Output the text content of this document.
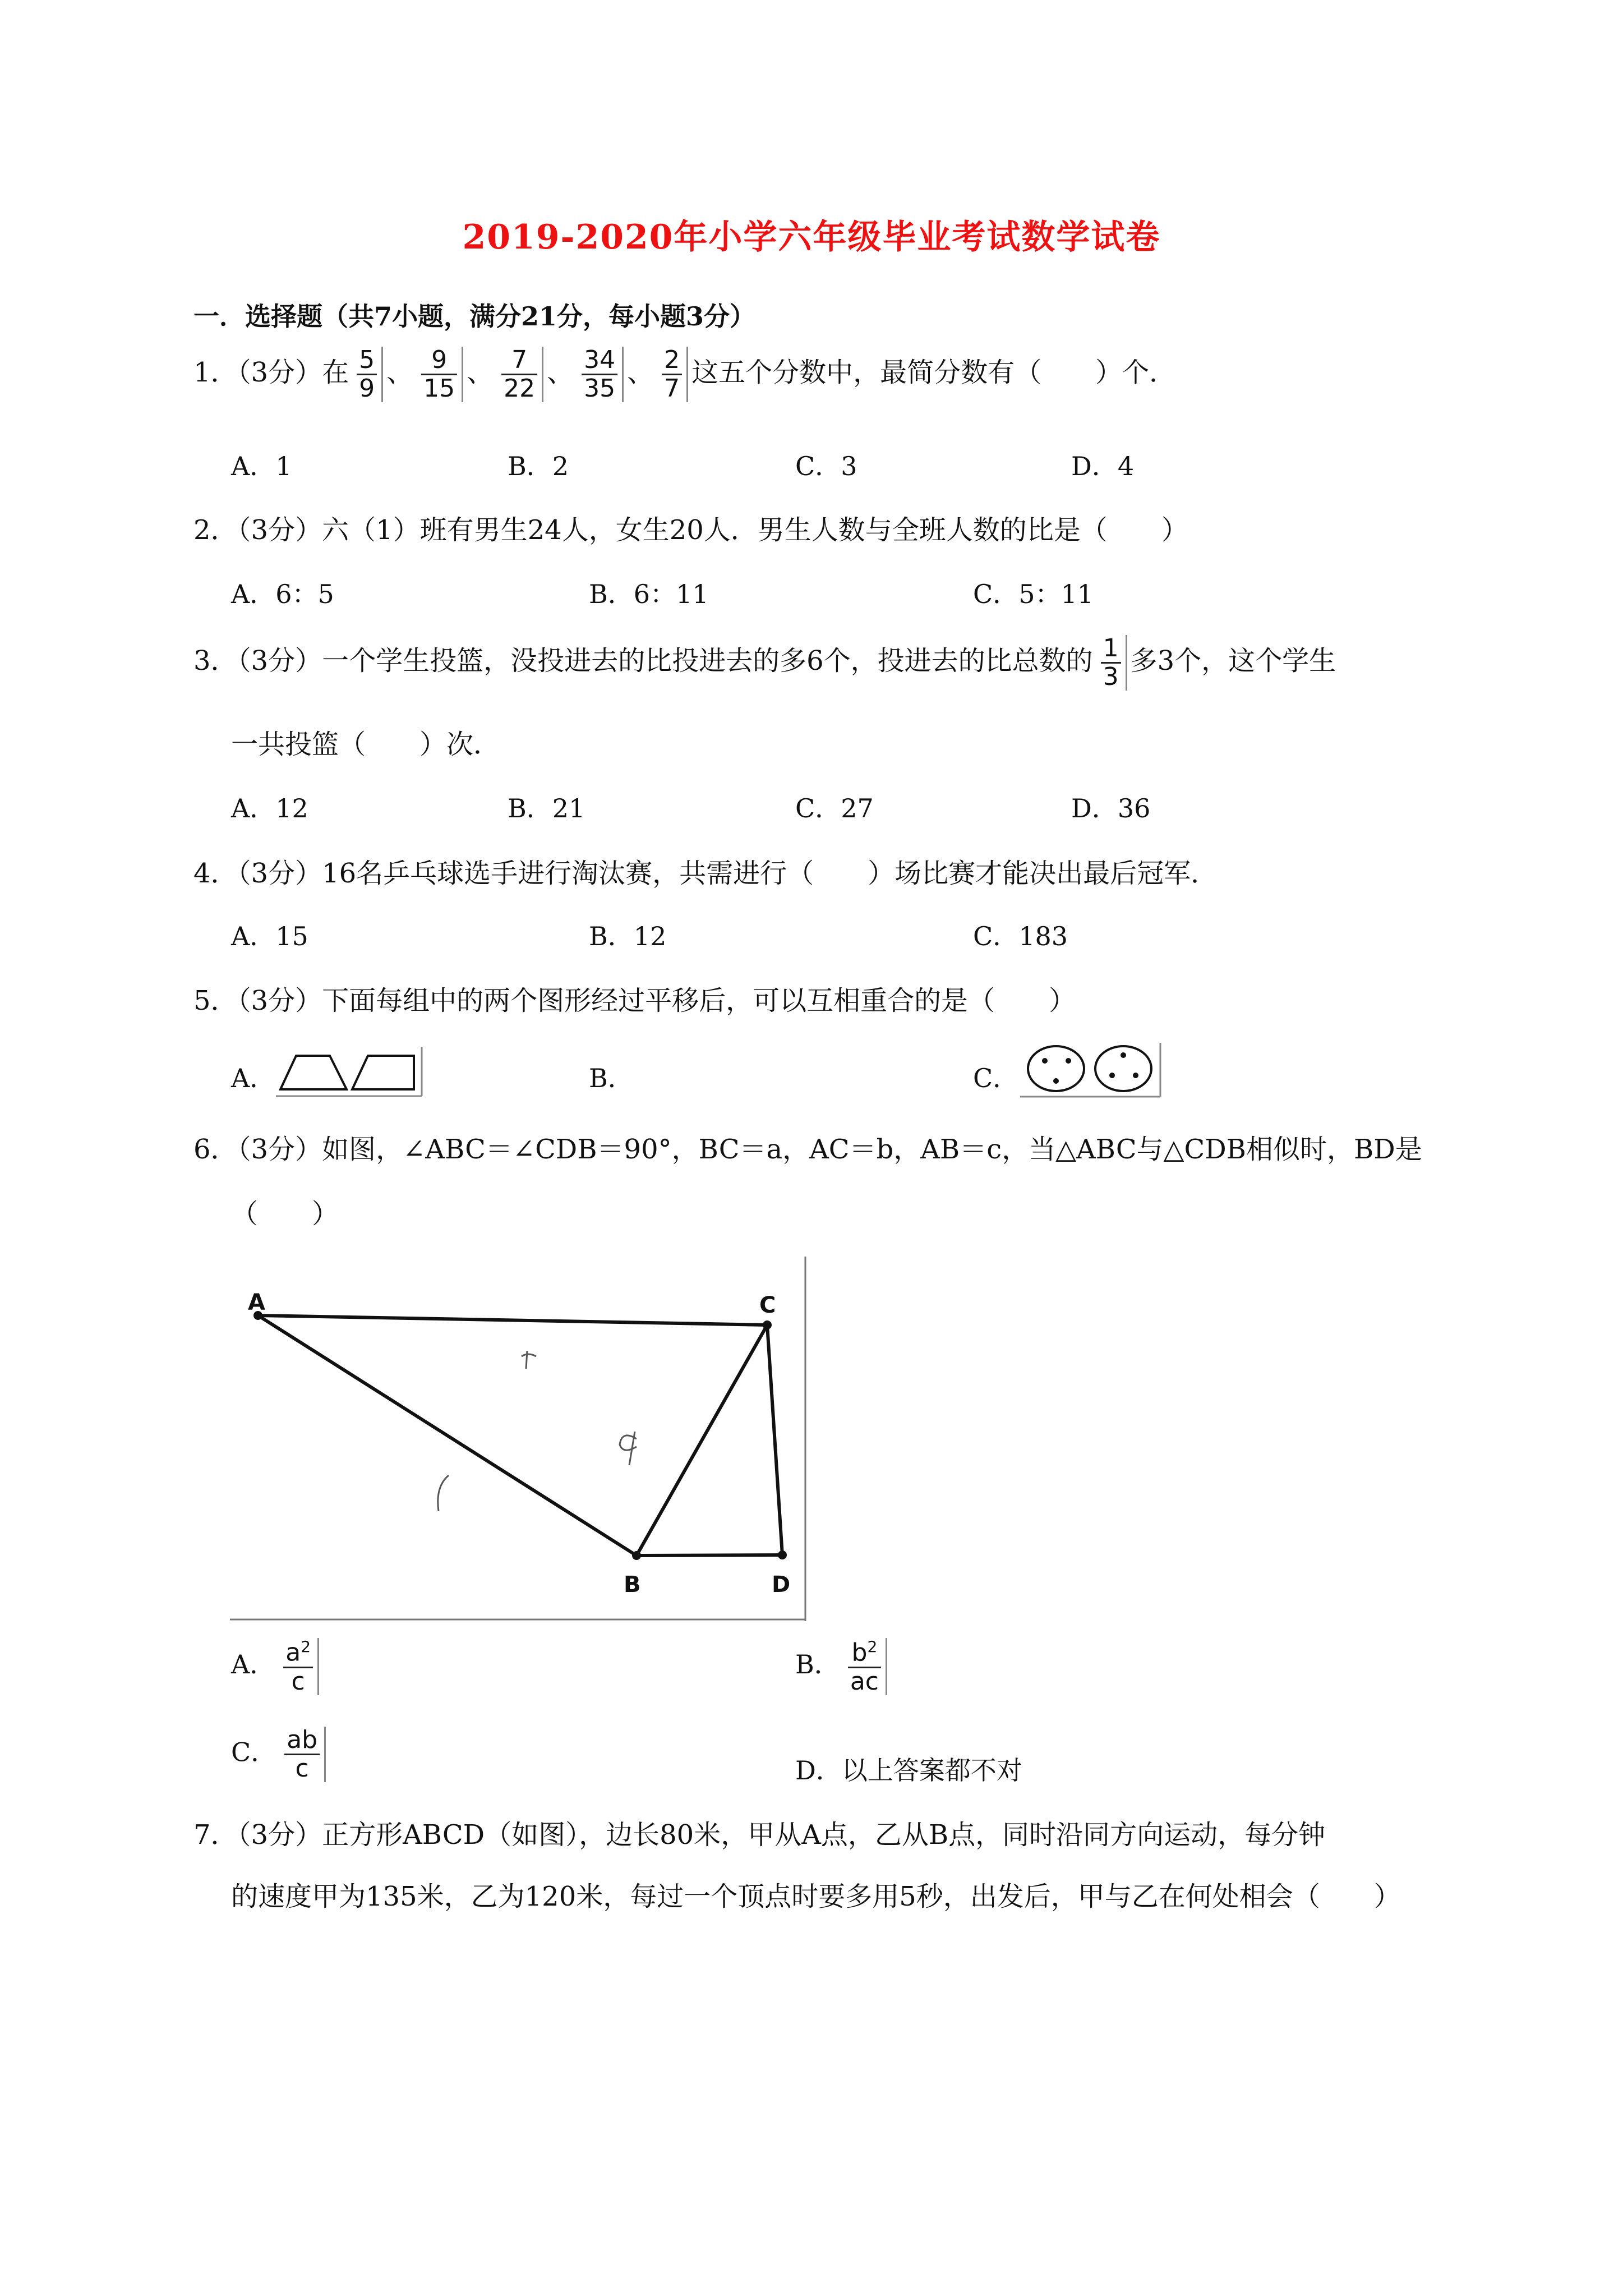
2019-2020年小学六年级毕业考试数学试卷
一．选择题（共7小题，满分21分，每小题3分）
1．（3分）在 $\frac{5}{9}$ 、 $\frac{9}{15}$ 、 $\frac{7}{22}$ 、 $\frac{34}{35}$ 、 $\frac{2}{7}$ 这五个分数中，最简分数有（　　）个．
A．1	B．2	C．3	D．4
2．（3分）六（1）班有男生24人，女生20人．男生人数与全班人数的比是（　　）
A．6：5	B．6：11	C．5：11
3．（3分）一个学生投篮，没投进去的比投进去的多6个，投进去的比总数的 $\frac{1}{3}$ 多3个，这个学生
一共投篮（　　）次．
A．12	B．21	C．27	D．36
4．（3分）16名乒乓球选手进行淘汰赛，共需进行（　　）场比赛才能决出最后冠军．
A．15	B．12	C．183
5．（3分）下面每组中的两个图形经过平移后，可以互相重合的是（　　）
A．	B．	C．
6．（3分）如图，∠ABC＝∠CDB＝90°，BC＝a，AC＝b，AB＝c，当△ABC与△CDB相似时，BD是
（　　）
A	C
B	D
A． $\frac{a^2}{c}$	B． $\frac{b^2}{ac}$
C． $\frac{ab}{c}$	D．以上答案都不对
7．（3分）正方形ABCD（如图），边长80米，甲从A点，乙从B点，同时沿同方向运动，每分钟
的速度甲为135米，乙为120米，每过一个顶点时要多用5秒，出发后，甲与乙在何处相会（　　）
